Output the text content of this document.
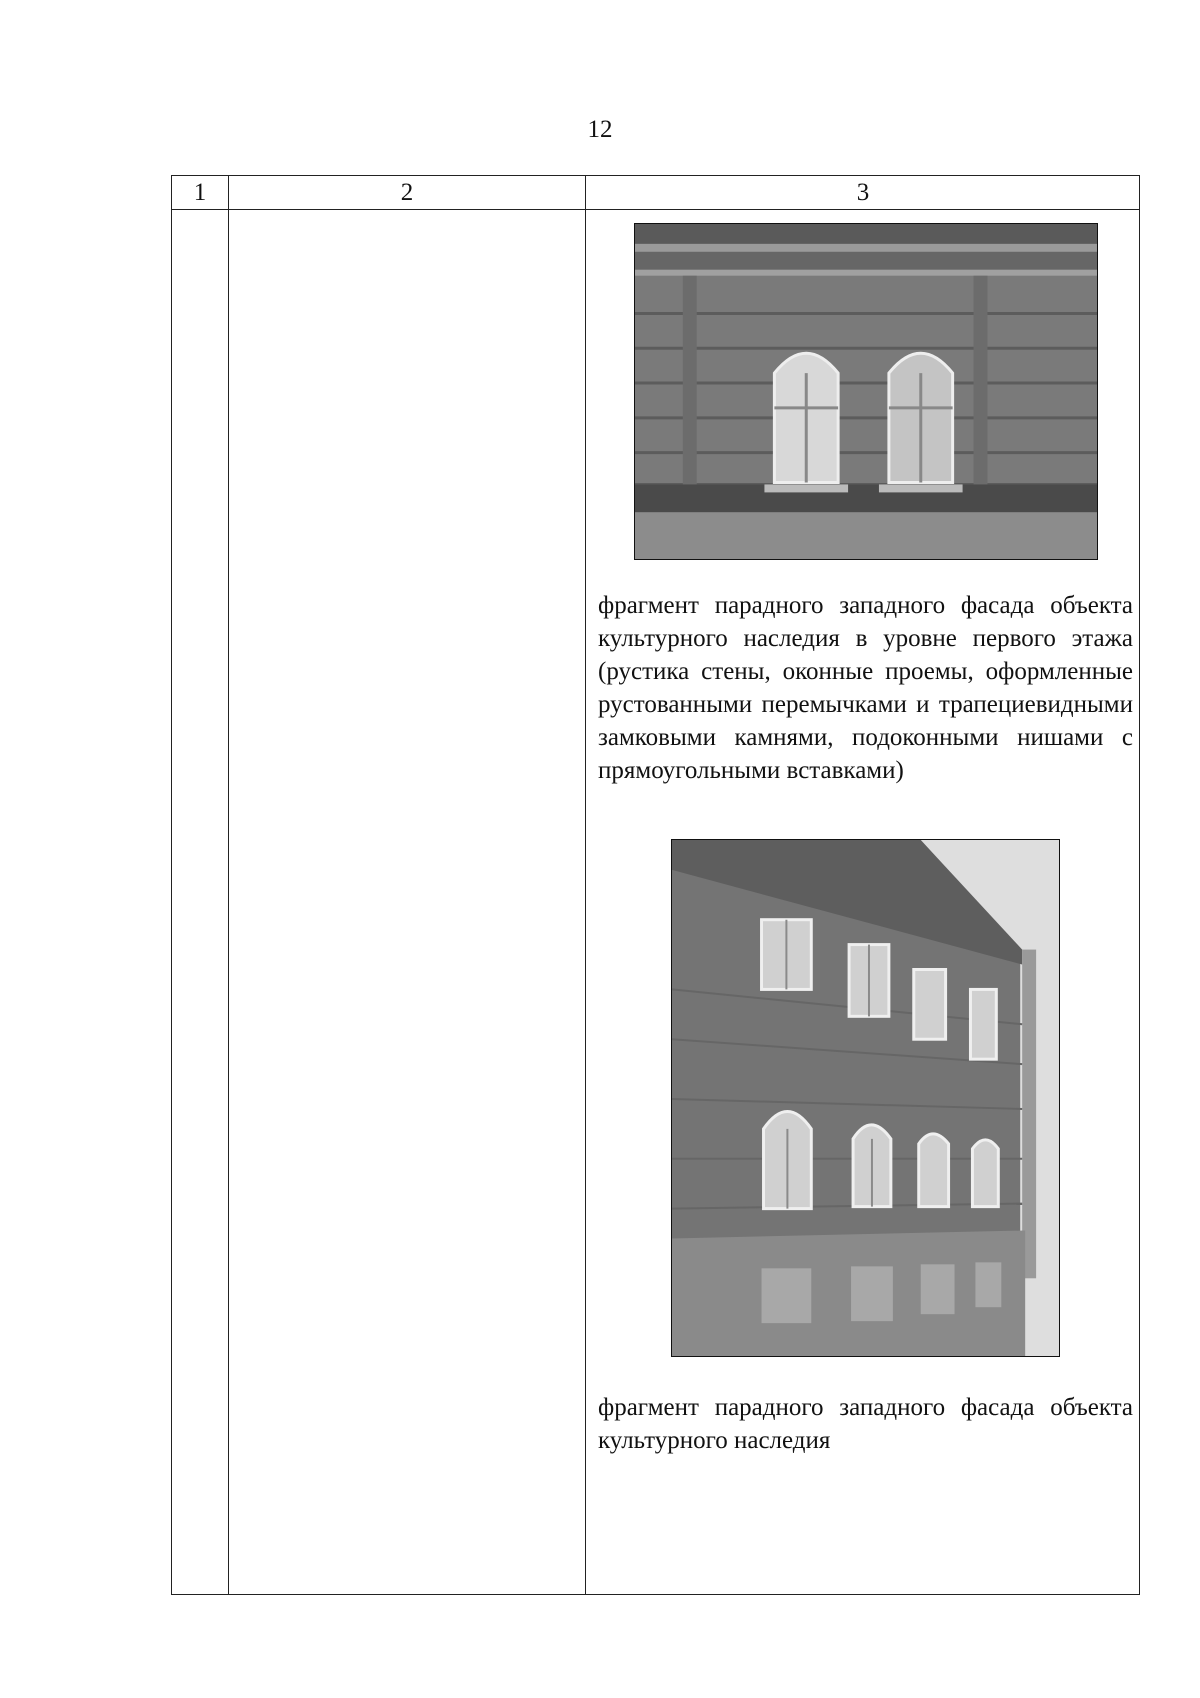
12
1	2	3
фрагмент парадного западного фасада объекта культурного наследия в уровне первого этажа (рустика стены, оконные проемы, оформленные рустованными перемычками и трапециевидными замковыми камнями, подоконными нишами с прямоугольными вставками)
фрагмент парадного западного фасада объекта культурного наследия
